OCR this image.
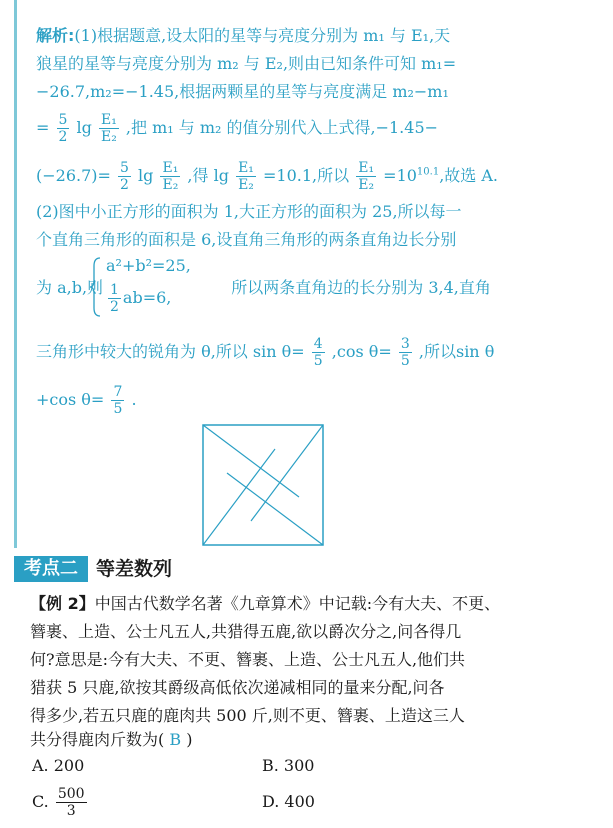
解析:(1)根据题意,设太阳的星等与亮度分别为 m₁ 与 E₁,天
狼星的星等与亮度分别为 m₂ 与 E₂,则由已知条件可知 m₁=
−26.7,m₂=−1.45,根据两颗星的星等与亮度满足 m₂−m₁
= $\frac{5}{2}$ $\lg \frac{\text{E₁}}{\text{E₂}}$ ,把 m₁ 与 m₂ 的值分别代入上式得,−1.45−
$(-26.7)= \frac{5}{2}$ $\lg \frac{\text{E₁}}{\text{E₂}}$ ,得 $\lg \frac{\text{E₁}}{\text{E₂}} =10.1$,所以 $\frac{\text{E₁}}{\text{E₂}} =10^{10.1}$,故选 A.
(2)图中小正方形的面积为 1,大正方形的面积为 25,所以每一
个直角三角形的面积是 6,设直角三角形的两条直角边长分别
为 a,b,则	所以两条直角边的长分别为 3,4,直角
a²+b²=25,
$\frac{1}{2} ab=6$,
三角形中较大的锐角为 θ,所以 $\sin \theta= \frac{4}{5} ,\cos$ $\theta= \frac{3}{5}$ ,所以sin θ
+cos $\theta= \frac{7}{5}$ .
考点二 等差数列
【例 2】中国古代数学名著《九章算术》中记载:今有大夫、不更、
簪裹、上造、公士凡五人,共猎得五鹿,欲以爵次分之,问各得几
何?意思是:今有大夫、不更、簪裹、上造、公士凡五人,他们共
猎获 5 只鹿,欲按其爵级高低依次递减相同的量来分配,问各
得多少,若五只鹿的鹿肉共 500 斤,则不更、簪裹、上造这三人
共分得鹿肉斤数为( B )
A. 200	B. 300
C. $\frac{500}{3}$	D. 400
